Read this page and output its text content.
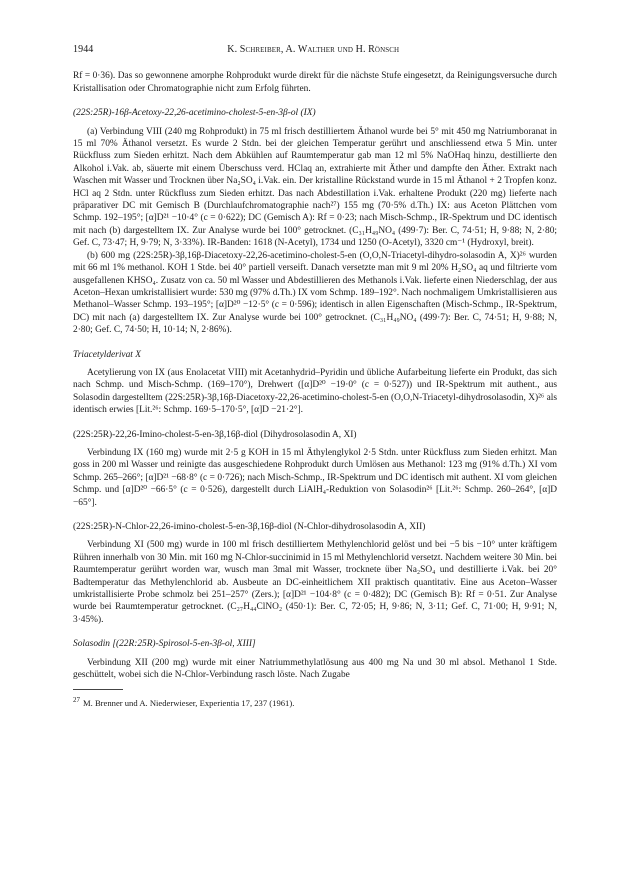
1944	K. Schreiber, A. Walther und H. Rönsch

Rf = 0·36). Das so gewonnene amorphe Rohprodukt wurde direkt für die nächste Stufe eingesetzt, da Reinigungsversuche durch Kristallisation oder Chromatographie nicht zum Erfolg führten.

(22S:25R)-16β-Acetoxy-22,26-acetimino-cholest-5-en-3β-ol (IX)

(a) Verbindung VIII (240 mg Rohprodukt) in 75 ml frisch destilliertem Äthanol wurde bei 5° mit 450 mg Natriumboranat in 15 ml 70% Äthanol versetzt. Es wurde 2 Stdn. bei der gleichen Temperatur gerührt und anschliessend etwa 5 Min. unter Rückfluss zum Sieden erhitzt. Nach dem Abkühlen auf Raumtemperatur gab man 12 ml 5% NaOHaq hinzu, destillierte den Alkohol i.Vak. ab, säuerte mit einem Überschuss verd. HClaq an, extrahierte mit Äther und dampfte den Äther. Extrakt nach Waschen mit Wasser und Trocknen über Na₂SO₄ i.Vak. ein. Der kristalline Rückstand wurde in 15 ml Äthanol + 2 Tropfen konz. HCl aq 2 Stdn. unter Rückfluss zum Sieden erhitzt. Das nach Abdestillation i.Vak. erhaltene Produkt (220 mg) lieferte nach präparativer DC mit Gemisch B (Durchlaufchromatographie nach²⁷) 155 mg (70·5% d.Th.) IX: aus Aceton Plättchen vom Schmp. 192–195°; [α]D²¹ −10·4° (c = 0·622); DC (Gemisch A): Rf = 0·23; nach Misch-Schmp., IR-Spektrum und DC identisch mit nach (b) dargestelltem IX. Zur Analyse wurde bei 100° getrocknet. (C₃₁H₄₉NO₄ (499·7): Ber. C, 74·51; H, 9·88; N, 2·80; Gef. C, 73·47; H, 9·79; N, 3·33%). IR-Banden: 1618 (N-Acetyl), 1734 und 1250 (O-Acetyl), 3320 cm⁻¹ (Hydroxyl, breit).

(b) 600 mg (22S:25R)-3β,16β-Diacetoxy-22,26-acetimino-cholest-5-en (O,O,N-Triacetyl-dihydro-solasodin A, X)²⁶ wurden mit 66 ml 1% methanol. KOH 1 Stde. bei 40° partiell verseift. Danach versetzte man mit 9 ml 20% H₂SO₄ aq und filtrierte vom ausgefallenen KHSO₄. Zusatz von ca. 50 ml Wasser und Abdestillieren des Methanols i.Vak. lieferte einen Niederschlag, der aus Aceton–Hexan umkristallisiert wurde: 530 mg (97% d.Th.) IX vom Schmp. 189–192°. Nach nochmaligem Umkristallisieren aus Methanol–Wasser Schmp. 193–195°; [α]D²⁰ −12·5° (c = 0·596); identisch in allen Eigenschaften (Misch-Schmp., IR-Spektrum, DC) mit nach (a) dargestelltem IX. Zur Analyse wurde bei 100° getrocknet. (C₃₁H₄₉NO₄ (499·7): Ber. C, 74·51; H, 9·88; N, 2·80; Gef. C, 74·50; H, 10·14; N, 2·86%).

Triacetylderivat X

Acetylierung von IX (aus Enolacetat VIII) mit Acetanhydrid–Pyridin und übliche Aufarbeitung lieferte ein Produkt, das sich nach Schmp. und Misch-Schmp. (169–170°), Drehwert ([α]D²⁰ −19·0° (c = 0·527)) und IR-Spektrum mit authent., aus Solasodin dargestelltem (22S:25R)-3β,16β-Diacetoxy-22,26-acetimino-cholest-5-en (O,O,N-Triacetyl-dihydrosolasodin, X)²⁶ als identisch erwies [Lit.²⁶: Schmp. 169·5–170·5°, [α]D −21·2°].

(22S:25R)-22,26-Imino-cholest-5-en-3β,16β-diol (Dihydrosolasodin A, XI)

Verbindung IX (160 mg) wurde mit 2·5 g KOH in 15 ml Äthylenglykol 2·5 Stdn. unter Rückfluss zum Sieden erhitzt. Man goss in 200 ml Wasser und reinigte das ausgeschiedene Rohprodukt durch Umlösen aus Methanol: 123 mg (91% d.Th.) XI vom Schmp. 265–266°; [α]D²¹ −68·8° (c = 0·726); nach Misch-Schmp., IR-Spektrum und DC identisch mit authent. XI vom gleichen Schmp. und [α]D²⁰ −66·5° (c = 0·526), dargestellt durch LiAlH₄-Reduktion von Solasodin²⁶ [Lit.²⁶: Schmp. 260–264°, [α]D −65°].

(22S:25R)-N-Chlor-22,26-imino-cholest-5-en-3β,16β-diol (N-Chlor-dihydrosolasodin A, XII)

Verbindung XI (500 mg) wurde in 100 ml frisch destilliertem Methylenchlorid gelöst und bei −5 bis −10° unter kräftigem Rühren innerhalb von 30 Min. mit 160 mg N-Chlor-succinimid in 15 ml Methylenchlorid versetzt. Nachdem weitere 30 Min. bei Raumtemperatur gerührt worden war, wusch man 3mal mit Wasser, trocknete über Na₂SO₄ und destillierte i.Vak. bei 20° Badtemperatur das Methylenchlorid ab. Ausbeute an DC-einheitlichem XII praktisch quantitativ. Eine aus Aceton–Wasser umkristallisierte Probe schmolz bei 251–257° (Zers.); [α]D²¹ −104·8° (c = 0·482); DC (Gemisch B): Rf = 0·51. Zur Analyse wurde bei Raumtemperatur getrocknet. (C₂₇H₄₄ClNO₂ (450·1): Ber. C, 72·05; H, 9·86; N, 3·11; Gef. C, 71·00; H, 9·91; N, 3·45%).

Solasodin [(22R:25R)-Spirosol-5-en-3β-ol, XIII]

Verbindung XII (200 mg) wurde mit einer Natriummethylatlösung aus 400 mg Na und 30 ml absol. Methanol 1 Stde. geschüttelt, wobei sich die N-Chlor-Verbindung rasch löste. Nach Zugabe

$^{27}$ M. Brenner und A. Niederwieser, Experientia 17, 237 (1961).
